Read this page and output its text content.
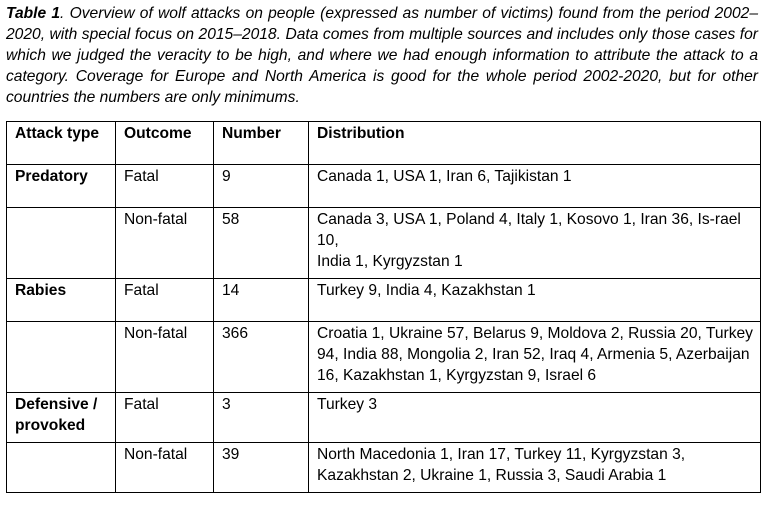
Table 1. Overview of wolf attacks on people (expressed as number of victims) found from the period 2002–2020, with special focus on 2015–2018. Data comes from multiple sources and includes only those cases for which we judged the veracity to be high, and where we had enough information to attribute the attack to a category. Coverage for Europe and North America is good for the whole period 2002-2020, but for other countries the numbers are only minimums.
Attack type	Outcome	Number	Distribution
Predatory	Fatal	9	Canada 1, USA 1, Iran 6, Tajikistan 1

	Non-fatal	58	Canada 3, USA 1, Poland 4, Italy 1, Kosovo 1, Iran 36, Is-rael 10,
India 1, Kyrgyzstan 1

Rabies	Fatal	14	Turkey 9, India 4, Kazakhstan 1

	Non-fatal	366	Croatia 1, Ukraine 57, Belarus 9, Moldova 2, Russia 20, Turkey 94, India 88, Mongolia 2, Iran 52, Iraq 4, Armenia 5, Azerbaijan 16, Kazakhstan 1, Kyrgyzstan 9, Israel 6

Defensive / provoked	Fatal	3	Turkey 3

	Non-fatal	39	North Macedonia 1, Iran 17, Turkey 11, Kyrgyzstan 3, Kazakhstan 2, Ukraine 1, Russia 3, Saudi Arabia 1
